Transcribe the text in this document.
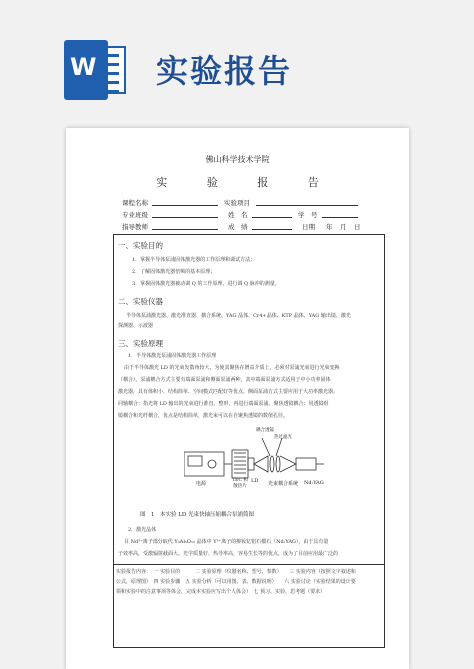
W 实验报告
佛山科学技术学院
实 验 报 告
课程名称	实验项目
专业班级	姓　名	学　号
指导教师	成　绩	日期 年 月 日
一、实验目的
1．掌握半导体泵浦固体激光器的工作原理和调试方法；
2．了解固体激光器倍频的基本原理；
3．掌握固体激光器被动调 Q 的工作原理，进行调 Q 脉冲的测量。
二、实验仪器
半导体泵浦激光器、激光准直器、耦合系统、YAG 晶体、Cr4+晶体、KTP 晶体、YAG 输出镜、激光
探测器、示波器
三、实验原理
1．半导体激光泵浦固体激光器工作原理
由于半导体激光 LD 的光束发散角较大，为使其聚焦在增益介质上，必须对泵浦光束进行光束变换
（耦合）。泵浦耦合方式主要有端面泵浦和侧面泵浦两种，其中端面泵浦方式适用于中小功率固体
激光器，具有体积小、结构简单、空间模式匹配好等优点，侧面泵浦方式主要应用于大功率激光器。
同轴耦合：指光将 LD 输出的光束进行准直、整形，再进行端面泵浦。聚焦透镜耦合：用透镜组
镜耦合和光纤耦合，优点是结构简单，激光束可以在自聚焦透镜的数值孔径。
耦合透镜
热过滤光
电源
TEC 和 散热片
LD 光束耦合系统 Nd:YAG
图　1　本实验 LD 光束快轴压缩耦合泵浦简图
2．激光晶体
目 Nd³⁺离子部分取代 Y₃Al₅O₁₂ 晶体中 Y³⁺离子的掺钕钇铝石榴石（Nd:YAG），由于具有量
子效率高，受激辐射截面大、光学质量好、热导率高，容易生长等的优点，成为了目前应用最广泛的
实验报告内容：　一 实验目的　　　二 实验原理（仪器名称、型号、参数）　　三 实验内容（按照文字叙述和
公式，原理图）　四 实验步骤　五 实验分析（可以用图、表、数据说明）　　六 实验讨论（实验结果的设计要
领和实验中的注意事项等体会，完成本实验应写出个人体会）　七 预习、实验、思考题（要求）
